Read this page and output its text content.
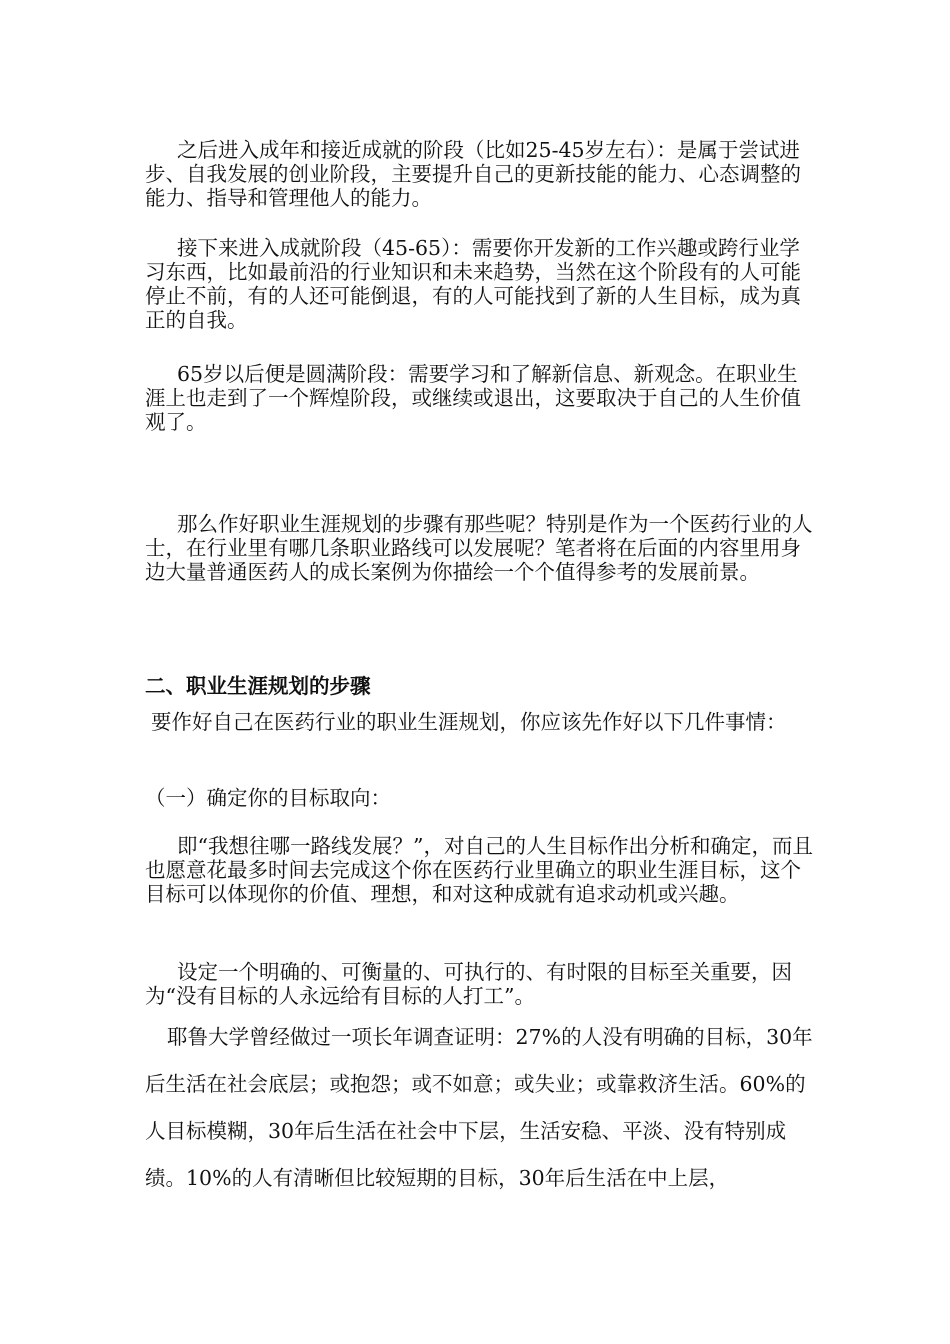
之后进入成年和接近成就的阶段（比如25-45岁左右）：是属于尝试进步、自我发展的创业阶段，主要提升自己的更新技能的能力、心态调整的能力、指导和管理他人的能力。

接下来进入成就阶段（45-65）：需要你开发新的工作兴趣或跨行业学习东西，比如最前沿的行业知识和未来趋势，当然在这个阶段有的人可能停止不前，有的人还可能倒退，有的人可能找到了新的人生目标，成为真正的自我。

65岁以后便是圆满阶段：需要学习和了解新信息、新观念。在职业生涯上也走到了一个辉煌阶段，或继续或退出，这要取决于自己的人生价值观了。

那么作好职业生涯规划的步骤有那些呢？特别是作为一个医药行业的人士，在行业里有哪几条职业路线可以发展呢？笔者将在后面的内容里用身边大量普通医药人的成长案例为你描绘一个个值得参考的发展前景。

二、职业生涯规划的步骤

要作好自己在医药行业的职业生涯规划，你应该先作好以下几件事情：

（一）确定你的目标取向：

即“我想往哪一路线发展？”，对自己的人生目标作出分析和确定，而且也愿意花最多时间去完成这个你在医药行业里确立的职业生涯目标，这个目标可以体现你的价值、理想，和对这种成就有追求动机或兴趣。

设定一个明确的、可衡量的、可执行的、有时限的目标至关重要，因为“没有目标的人永远给有目标的人打工”。

耶鲁大学曾经做过一项长年调查证明：27%的人没有明确的目标，30年后生活在社会底层；或抱怨；或不如意；或失业；或靠救济生活。60%的人目标模糊，30年后生活在社会中下层，生活安稳、平淡、没有特别成绩。10%的人有清晰但比较短期的目标，30年后生活在中上层，
